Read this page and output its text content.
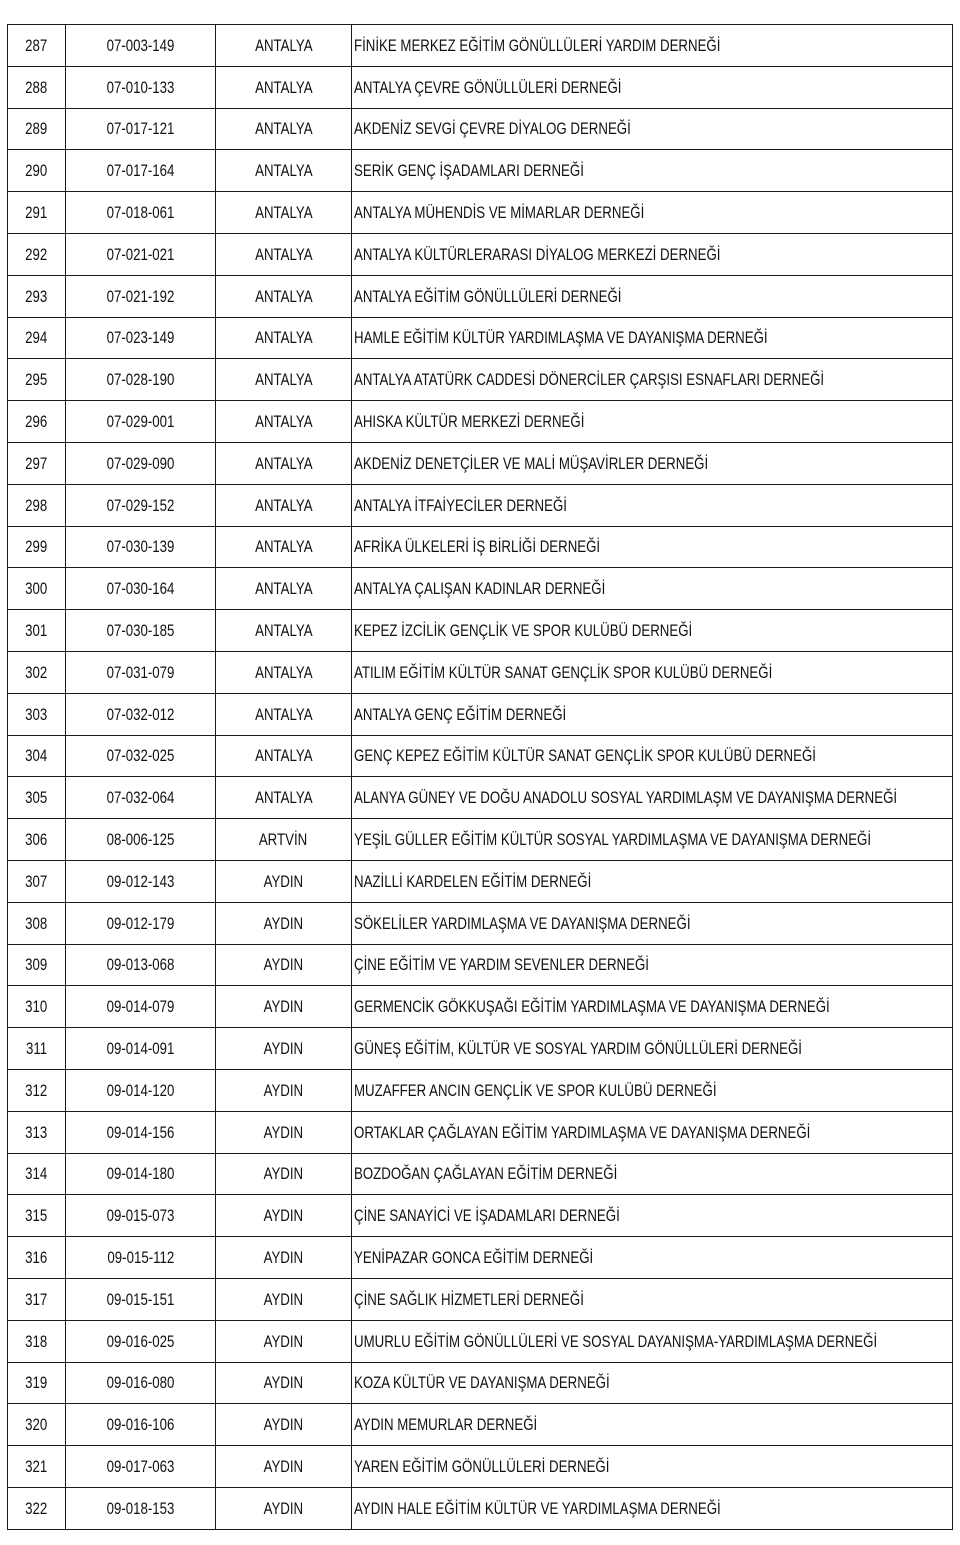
287	07-003-149	ANTALYA	FİNİKE MERKEZ EĞİTİM GÖNÜLLÜLERİ YARDIM DERNEĞİ
288	07-010-133	ANTALYA	ANTALYA ÇEVRE GÖNÜLLÜLERİ DERNEĞİ
289	07-017-121	ANTALYA	AKDENİZ SEVGİ ÇEVRE DİYALOG DERNEĞİ
290	07-017-164	ANTALYA	SERİK GENÇ İŞADAMLARI DERNEĞİ
291	07-018-061	ANTALYA	ANTALYA MÜHENDİS VE MİMARLAR DERNEĞİ
292	07-021-021	ANTALYA	ANTALYA KÜLTÜRLERARASI DİYALOG MERKEZİ DERNEĞİ
293	07-021-192	ANTALYA	ANTALYA EĞİTİM GÖNÜLLÜLERİ DERNEĞİ
294	07-023-149	ANTALYA	HAMLE EĞİTİM KÜLTÜR YARDIMLAŞMA VE DAYANIŞMA DERNEĞİ
295	07-028-190	ANTALYA	ANTALYA ATATÜRK CADDESİ DÖNERCİLER ÇARŞISI ESNAFLARI DERNEĞİ
296	07-029-001	ANTALYA	AHISKA KÜLTÜR MERKEZİ DERNEĞİ
297	07-029-090	ANTALYA	AKDENİZ DENETÇİLER VE MALİ MÜŞAVİRLER DERNEĞİ
298	07-029-152	ANTALYA	ANTALYA İTFAİYECİLER DERNEĞİ
299	07-030-139	ANTALYA	AFRİKA ÜLKELERİ İŞ BİRLİĞİ DERNEĞİ
300	07-030-164	ANTALYA	ANTALYA ÇALIŞAN KADINLAR DERNEĞİ
301	07-030-185	ANTALYA	KEPEZ İZCİLİK GENÇLİK VE SPOR KULÜBÜ DERNEĞİ
302	07-031-079	ANTALYA	ATILIM EĞİTİM KÜLTÜR SANAT GENÇLİK SPOR KULÜBÜ DERNEĞİ
303	07-032-012	ANTALYA	ANTALYA GENÇ EĞİTİM DERNEĞİ
304	07-032-025	ANTALYA	GENÇ KEPEZ EĞİTİM KÜLTÜR SANAT GENÇLİK SPOR KULÜBÜ DERNEĞİ
305	07-032-064	ANTALYA	ALANYA GÜNEY VE DOĞU ANADOLU SOSYAL YARDIMLAŞM VE DAYANIŞMA DERNEĞİ
306	08-006-125	ARTVİN	YEŞİL GÜLLER EĞİTİM KÜLTÜR SOSYAL YARDIMLAŞMA VE DAYANIŞMA DERNEĞİ
307	09-012-143	AYDIN	NAZİLLİ KARDELEN EĞİTİM DERNEĞİ
308	09-012-179	AYDIN	SÖKELİLER YARDIMLAŞMA VE DAYANIŞMA DERNEĞİ
309	09-013-068	AYDIN	ÇİNE EĞİTİM VE YARDIM SEVENLER DERNEĞİ
310	09-014-079	AYDIN	GERMENCİK GÖKKUŞAĞI EĞİTİM YARDIMLAŞMA VE DAYANIŞMA DERNEĞİ
311	09-014-091	AYDIN	GÜNEŞ EĞİTİM, KÜLTÜR VE SOSYAL YARDIM GÖNÜLLÜLERİ DERNEĞİ
312	09-014-120	AYDIN	MUZAFFER ANCIN GENÇLİK VE SPOR KULÜBÜ DERNEĞİ
313	09-014-156	AYDIN	ORTAKLAR ÇAĞLAYAN EĞİTİM YARDIMLAŞMA VE DAYANIŞMA DERNEĞİ
314	09-014-180	AYDIN	BOZDOĞAN ÇAĞLAYAN EĞİTİM DERNEĞİ
315	09-015-073	AYDIN	ÇİNE SANAYİCİ VE İŞADAMLARI DERNEĞİ
316	09-015-112	AYDIN	YENİPAZAR GONCA EĞİTİM DERNEĞİ
317	09-015-151	AYDIN	ÇİNE SAĞLIK HİZMETLERİ DERNEĞİ
318	09-016-025	AYDIN	UMURLU EĞİTİM GÖNÜLLÜLERİ VE SOSYAL DAYANIŞMA-YARDIMLAŞMA DERNEĞİ
319	09-016-080	AYDIN	KOZA KÜLTÜR VE DAYANIŞMA DERNEĞİ
320	09-016-106	AYDIN	AYDIN MEMURLAR DERNEĞİ
321	09-017-063	AYDIN	YAREN EĞİTİM GÖNÜLLÜLERİ DERNEĞİ
322	09-018-153	AYDIN	AYDIN HALE EĞİTİM KÜLTÜR VE YARDIMLAŞMA DERNEĞİ
